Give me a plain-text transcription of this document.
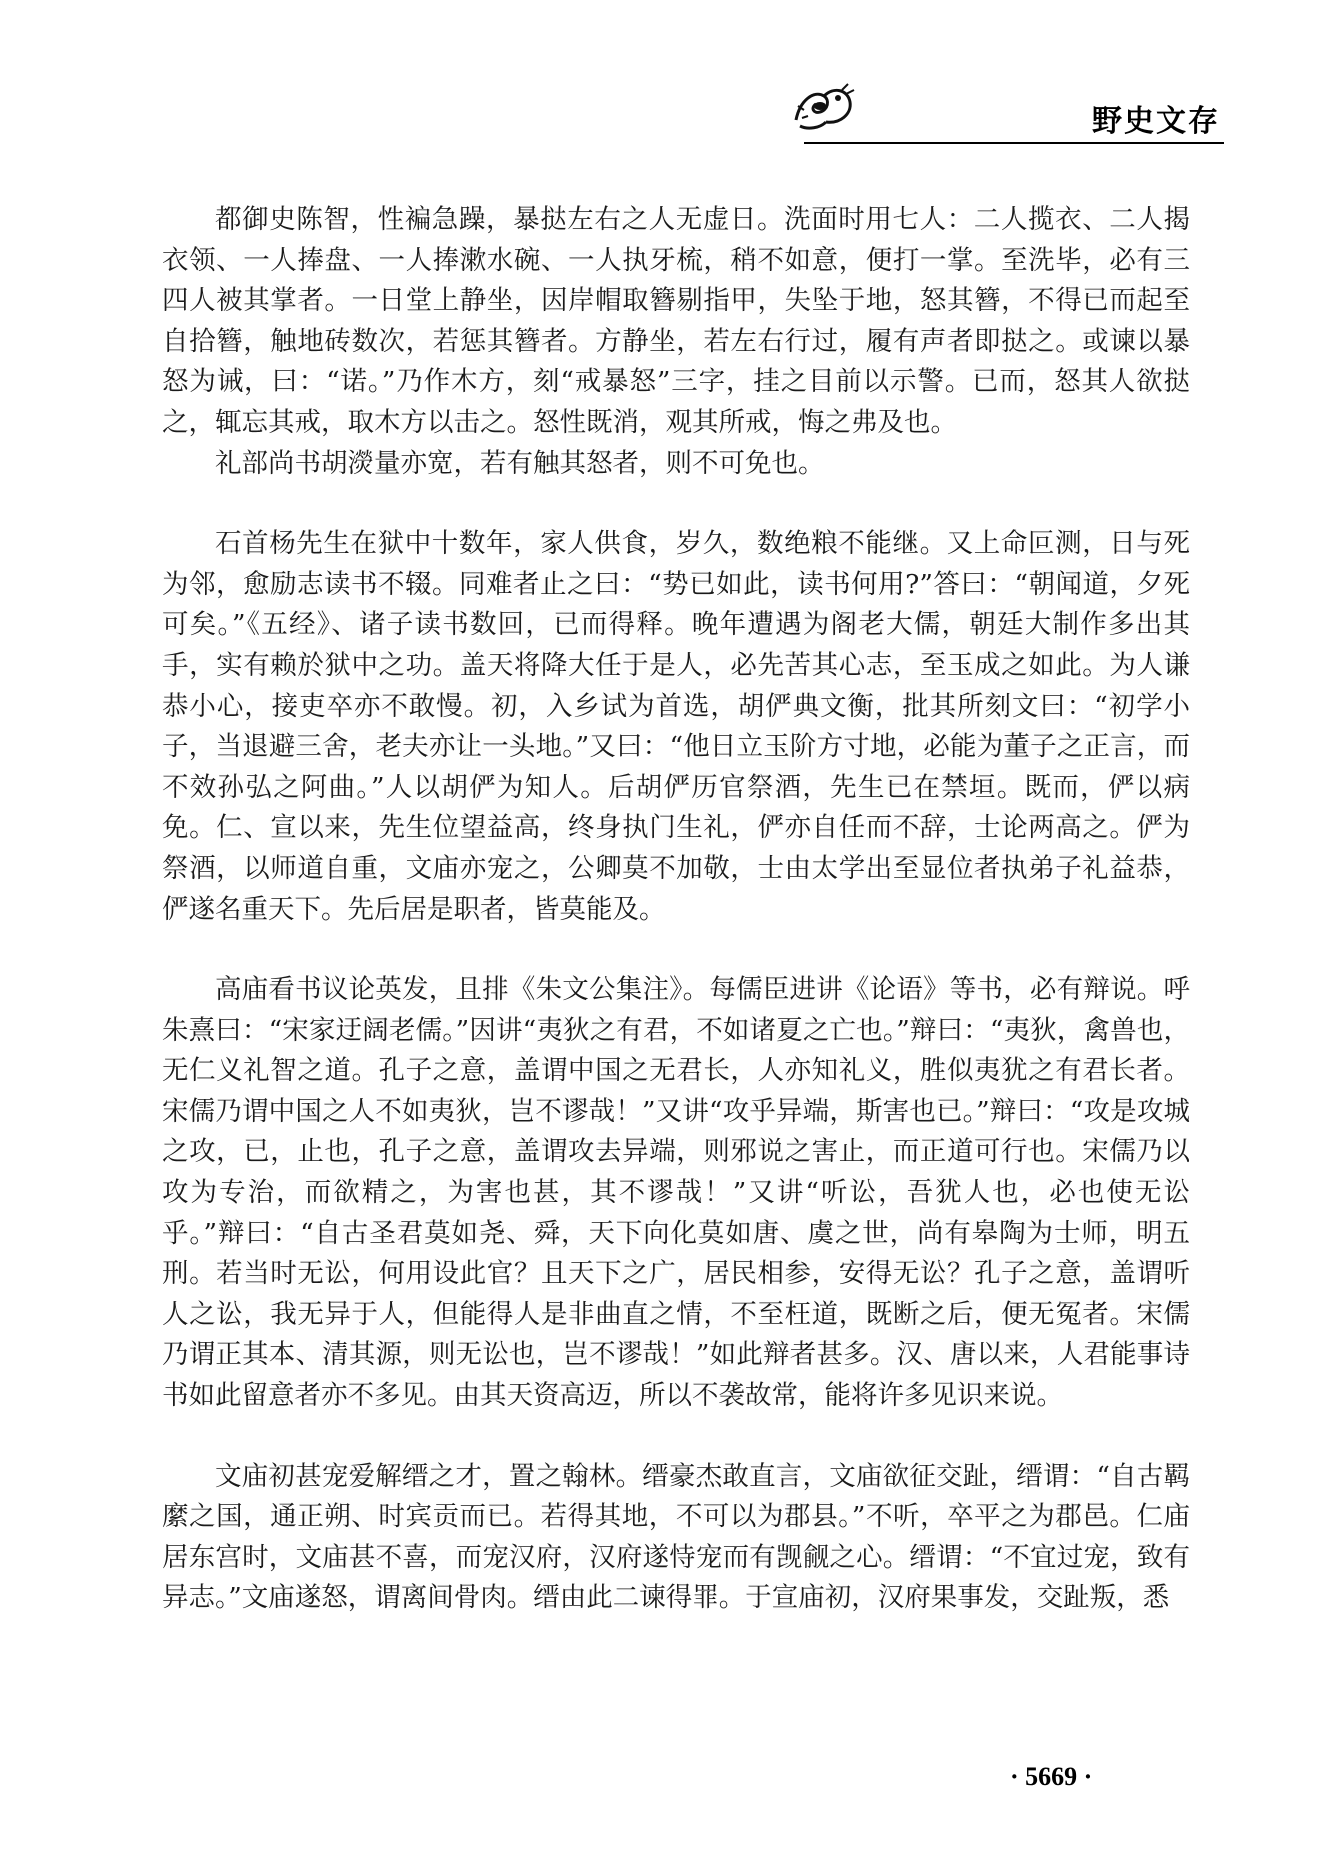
野史文存

都御史陈智，性褊急躁，暴挞左右之人无虚日。洗面时用七人：二人揽衣、二人揭衣领、一人捧盘、一人捧漱水碗、一人执牙梳，稍不如意，便打一掌。至洗毕，必有三四人被其掌者。一日堂上静坐，因岸帽取簪剔指甲，失坠于地，怒其簪，不得已而起至自拾簪，触地砖数次，若惩其簪者。方静坐，若左右行过，履有声者即挞之。或谏以暴怒为诫，曰：“诺。”乃作木方，刻“戒暴怒”三字，挂之目前以示警。已而，怒其人欲挞之，辄忘其戒，取木方以击之。怒性既消，观其所戒，悔之弗及也。

礼部尚书胡濙量亦宽，若有触其怒者，则不可免也。

石首杨先生在狱中十数年，家人供食，岁久，数绝粮不能继。又上命叵测，日与死为邻，愈励志读书不辍。同难者止之曰：“势已如此，读书何用?”答曰：“朝闻道，夕死可矣。”《五经》、诸子读书数回，已而得释。晚年遭遇为阁老大儒，朝廷大制作多出其手，实有赖於狱中之功。盖天将降大任于是人，必先苦其心志，至玉成之如此。为人谦恭小心，接吏卒亦不敢慢。初，入乡试为首选，胡俨典文衡，批其所刻文曰：“初学小子，当退避三舍，老夫亦让一头地。”又曰：“他日立玉阶方寸地，必能为董子之正言，而不效孙弘之阿曲。”人以胡俨为知人。后胡俨历官祭酒，先生已在禁垣。既而，俨以病免。仁、宣以来，先生位望益高，终身执门生礼，俨亦自任而不辞，士论两高之。俨为祭酒，以师道自重，文庙亦宠之，公卿莫不加敬，士由太学出至显位者执弟子礼益恭，俨遂名重天下。先后居是职者，皆莫能及。

高庙看书议论英发，且排《朱文公集注》。每儒臣进讲《论语》等书，必有辩说。呼朱熹曰：“宋家迂阔老儒。”因讲“夷狄之有君，不如诸夏之亡也。”辩曰：“夷狄，禽兽也，无仁义礼智之道。孔子之意，盖谓中国之无君长，人亦知礼义，胜似夷犹之有君长者。宋儒乃谓中国之人不如夷狄，岂不谬哉！”又讲“攻乎异端，斯害也已。”辩曰：“攻是攻城之攻，已，止也，孔子之意，盖谓攻去异端，则邪说之害止，而正道可行也。宋儒乃以攻为专治，而欲精之，为害也甚，其不谬哉！”又讲“听讼，吾犹人也，必也使无讼乎。”辩曰：“自古圣君莫如尧、舜，天下向化莫如唐、虞之世，尚有皋陶为士师，明五刑。若当时无讼，何用设此官？且天下之广，居民相参，安得无讼？孔子之意，盖谓听人之讼，我无异于人，但能得人是非曲直之情，不至枉道，既断之后，便无冤者。宋儒乃谓正其本、清其源，则无讼也，岂不谬哉！”如此辩者甚多。汉、唐以来，人君能事诗书如此留意者亦不多见。由其天资高迈，所以不袭故常，能将许多见识来说。

文庙初甚宠爱解缙之才，置之翰林。缙豪杰敢直言，文庙欲征交趾，缙谓：“自古羁縻之国，通正朔、时宾贡而已。若得其地，不可以为郡县。”不听，卒平之为郡邑。仁庙居东宫时，文庙甚不喜，而宠汉府，汉府遂恃宠而有觊觎之心。缙谓：“不宜过宠，致有异志。”文庙遂怒，谓离间骨肉。缙由此二谏得罪。于宣庙初，汉府果事发，交趾叛，悉

· 5669 ·
